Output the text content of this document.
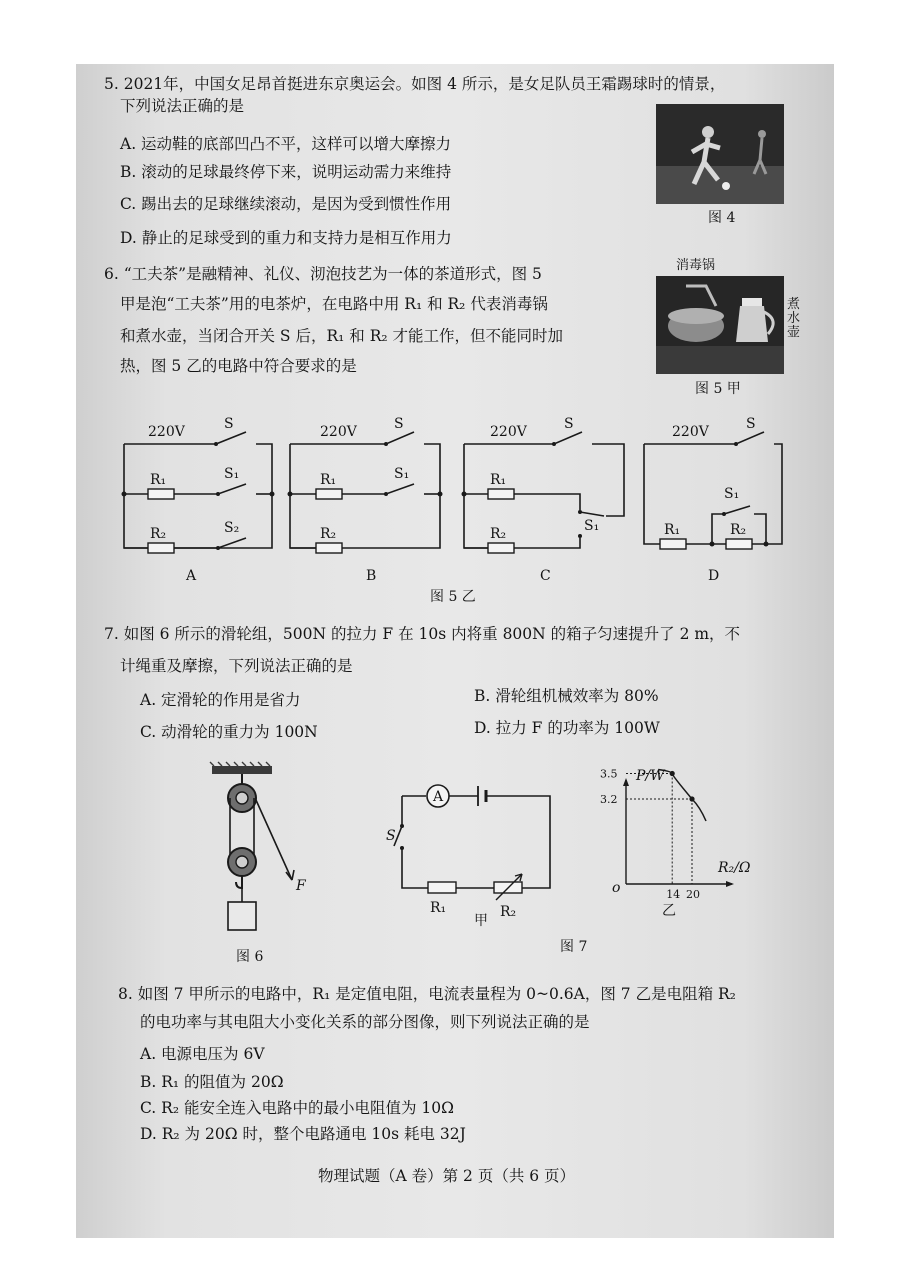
5. 2021年，中国女足昂首挺进东京奥运会。如图 4 所示，是女足队员王霜踢球时的情景，
下列说法正确的是
A. 运动鞋的底部凹凸不平，这样可以增大摩擦力
B. 滚动的足球最终停下来，说明运动需力来维持
C. 踢出去的足球继续滚动，是因为受到惯性作用
D. 静止的足球受到的重力和支持力是相互作用力
图 4
6. “工夫茶”是融精神、礼仪、沏泡技艺为一体的茶道形式，图 5
甲是泡“工夫茶”用的电茶炉，在电路中用 R₁ 和 R₂ 代表消毒锅
和煮水壶，当闭合开关 S 后，R₁ 和 R₂ 才能工作，但不能同时加
热，图 5 乙的电路中符合要求的是
消毒锅
煮水壶
图 5 甲
220V	S
R₁	S₁
R₂	S₂
A
220V	S
R₁	S₁
R₂
B
220V	S
R₁
S₁
R₂
C
220V	S
S₁
R₁	R₂
D
图 5 乙
7. 如图 6 所示的滑轮组，500N 的拉力 F 在 10s 内将重 800N 的箱子匀速提升了 2 m，不
计绳重及摩擦，下列说法正确的是
A. 定滑轮的作用是省力	B. 滑轮组机械效率为 80%
C. 动滑轮的重力为 100N	D. 拉力 F 的功率为 100W
F
图 6
A
S
R₁	R₂
甲
3.5
14
3.2
20
P/W
R₂/Ω
o
乙
图 7
8. 如图 7 甲所示的电路中，R₁ 是定值电阻，电流表量程为 0~0.6A，图 7 乙是电阻箱 R₂
的电功率与其电阻大小变化关系的部分图像，则下列说法正确的是
A. 电源电压为 6V
B. R₁ 的阻值为 20Ω
C. R₂ 能安全连入电路中的最小电阻值为 10Ω
D. R₂ 为 20Ω 时，整个电路通电 10s 耗电 32J
物理试题（A 卷）第 2 页（共 6 页）
